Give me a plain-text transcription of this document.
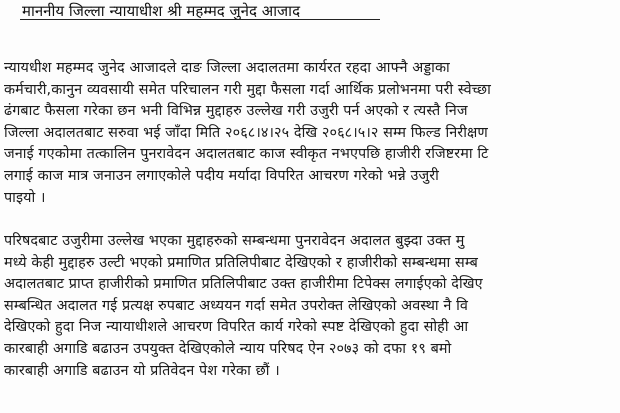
माननीय जिल्ला न्यायाधीश श्री महम्मद जुनेद आजाद

न्यायधीश महम्मद जुनेद आजादले दाङ जिल्ला अदालतमा कार्यरत रहदा आफ्नै अड्डाका
कर्मचारी,कानुन व्यवसायी समेत परिचालन गरी मुद्दा फैसला गर्दा आर्थिक प्रलोभनमा परी स्वेच्छा
ढंगबाट फैसला गरेका छन भनी विभिन्न मुद्दाहरु उल्लेख गरी उजुरी पर्न अएको र त्यस्तै निज
जिल्ला अदालतबाट सरुवा भई जाँदा मिति २०६८।४।२५ देखि २०६८।५।२ सम्म फिल्ड निरीक्षण
जनाई गएकोमा तत्कालिन पुनरावेदन अदालतबाट काज स्वीकृत नभएपछि हाजीरी रजिष्टरमा टि
लगाई काज मात्र जनाउन लगाएकोले पदीय मर्यादा विपरित आचरण गरेको भन्ने उजुरी
पाइयो ।

परिषदबाट उजुरीमा उल्लेख भएका मुद्दाहरुको सम्बन्धमा पुनरावेदन अदालत बुझ्दा उक्त मु
मध्ये केही मुद्दाहरु उल्टी भएको प्रमाणित प्रतिलिपीबाट देखिएको र हाजीरीको सम्बन्धमा सम्ब
अदालतबाट प्राप्त हाजीरीको प्रमाणित प्रतिलिपीबाट उक्त हाजीरीमा टिपेक्स लगाईएको देखिए
सम्बन्धित अदालत गई प्रत्यक्ष रुपबाट अध्ययन गर्दा समेत उपरोक्त लेखिएको अवस्था नै वि
देखिएको हुदा निज न्यायाधीशले आचरण विपरित कार्य गरेको स्पष्ट देखिएको हुदा सोही आ
कारबाही अगाडि बढाउन उपयुक्त देखिएकोले न्याय परिषद ऐन २०७३ को दफा १९ बमो
कारबाही अगाडि बढाउन यो प्रतिवेदन पेश गरेका छौं ।
